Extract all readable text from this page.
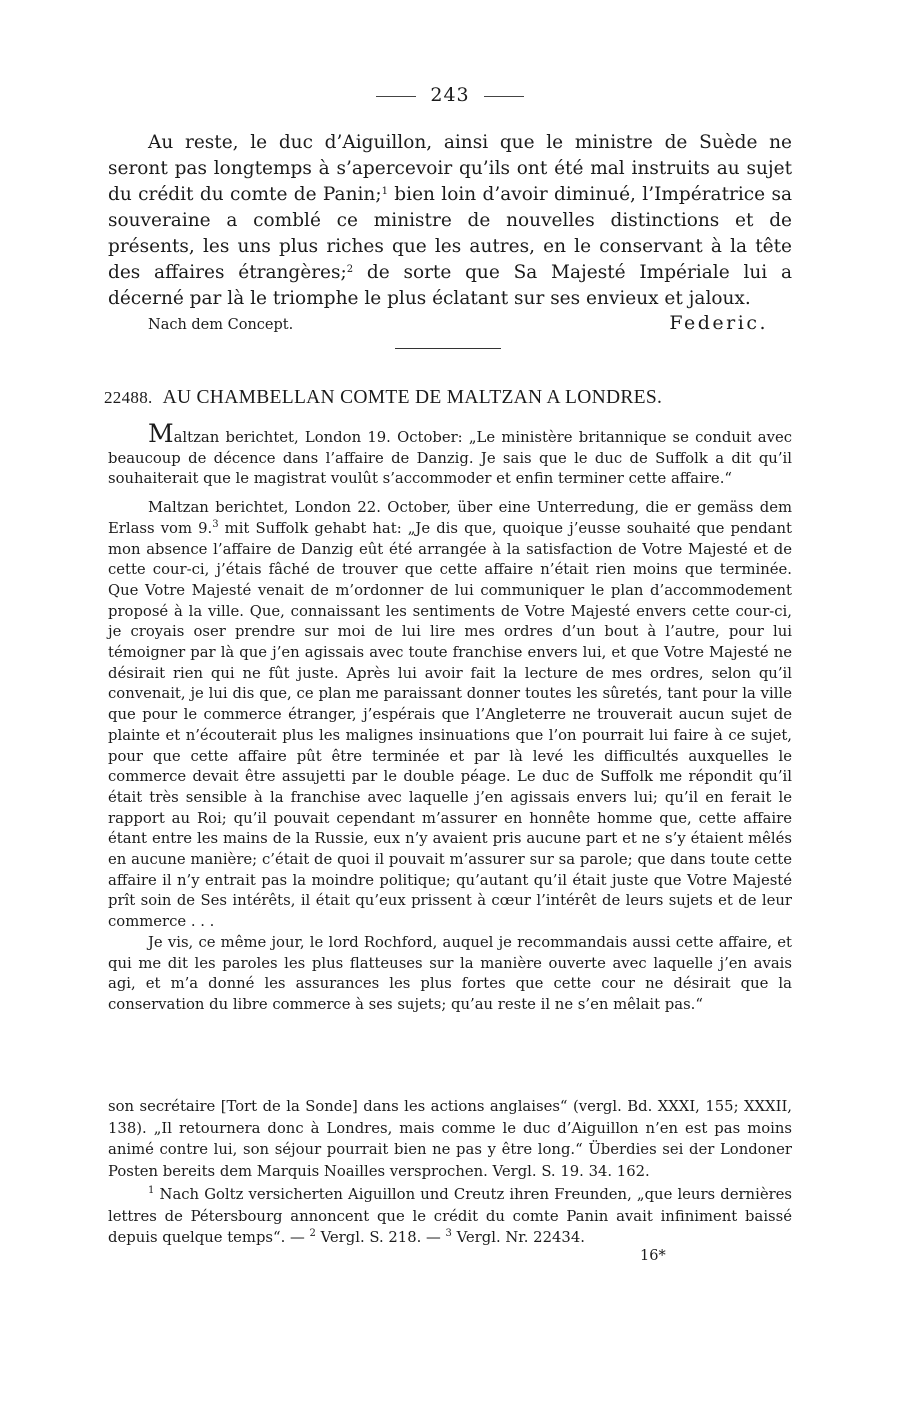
243

Au reste, le duc d’Aiguillon, ainsi que le ministre de Suède ne seront pas longtemps à s’apercevoir qu’ils ont été mal instruits au sujet du crédit du comte de Panin;$^1$ bien loin d’avoir diminué, l’Impératrice sa souveraine a comblé ce ministre de nouvelles distinctions et de présents, les uns plus riches que les autres, en le conservant à la tête des affaires étrangères;$^2$ de sorte que Sa Majesté Impériale lui a décerné par là le triomphe le plus éclatant sur ses envieux et jaloux.

Nach dem Concept.	Federic.
22488. AU CHAMBELLAN COMTE DE MALTZAN A LONDRES.

Maltzan berichtet, London 19. October: „Le ministère britannique se conduit avec beaucoup de décence dans l’affaire de Danzig. Je sais que le duc de Suffolk a dit qu’il souhaiterait que le magistrat voulût s’accommoder et enfin terminer cette affaire.“

Maltzan berichtet, London 22. October, über eine Unterredung, die er gemäss dem Erlass vom 9.$^3$ mit Suffolk gehabt hat: „Je dis que, quoique j’eusse souhaité que pendant mon absence l’affaire de Danzig eût été arrangée à la satisfaction de Votre Majesté et de cette cour-ci, j’étais fâché de trouver que cette affaire n’était rien moins que terminée. Que Votre Majesté venait de m’ordonner de lui communiquer le plan d’accommodement proposé à la ville. Que, connaissant les sentiments de Votre Majesté envers cette cour-ci, je croyais oser prendre sur moi de lui lire mes ordres d’un bout à l’autre, pour lui témoigner par là que j’en agissais avec toute franchise envers lui, et que Votre Majesté ne désirait rien qui ne fût juste. Après lui avoir fait la lecture de mes ordres, selon qu’il convenait, je lui dis que, ce plan me paraissant donner toutes les sûretés, tant pour la ville que pour le commerce étranger, j’espérais que l’Angleterre ne trouverait aucun sujet de plainte et n’écouterait plus les malignes insinuations que l’on pourrait lui faire à ce sujet, pour que cette affaire pût être terminée et par là levé les difficultés auxquelles le commerce devait être assujetti par le double péage. Le duc de Suffolk me répondit qu’il était très sensible à la franchise avec laquelle j’en agissais envers lui; qu’il en ferait le rapport au Roi; qu’il pouvait cependant m’assurer en honnête homme que, cette affaire étant entre les mains de la Russie, eux n’y avaient pris aucune part et ne s’y étaient mêlés en aucune manière; c’était de quoi il pouvait m’assurer sur sa parole; que dans toute cette affaire il n’y entrait pas la moindre politique; qu’autant qu’il était juste que Votre Majesté prît soin de Ses intérêts, il était qu’eux prissent à cœur l’intérêt de leurs sujets et de leur commerce . . .

Je vis, ce même jour, le lord Rochford, auquel je recommandais aussi cette affaire, et qui me dit les paroles les plus flatteuses sur la manière ouverte avec laquelle j’en avais agi, et m’a donné les assurances les plus fortes que cette cour ne désirait que la conservation du libre commerce à ses sujets; qu’au reste il ne s’en mêlait pas.“

son secrétaire [Tort de la Sonde] dans les actions anglaises“ (vergl. Bd. XXXI, 155; XXXII, 138). „Il retournera donc à Londres, mais comme le duc d’Aiguillon n’en est pas moins animé contre lui, son séjour pourrait bien ne pas y être long.“ Überdies sei der Londoner Posten bereits dem Marquis Noailles versprochen. Vergl. S. 19. 34. 162.

$^1$ Nach Goltz versicherten Aiguillon und Creutz ihren Freunden, „que leurs dernières lettres de Pétersbourg annoncent que le crédit du comte Panin avait infiniment baissé depuis quelque temps“. — $^2$ Vergl. S. 218. — $^3$ Vergl. Nr. 22434.

16*
